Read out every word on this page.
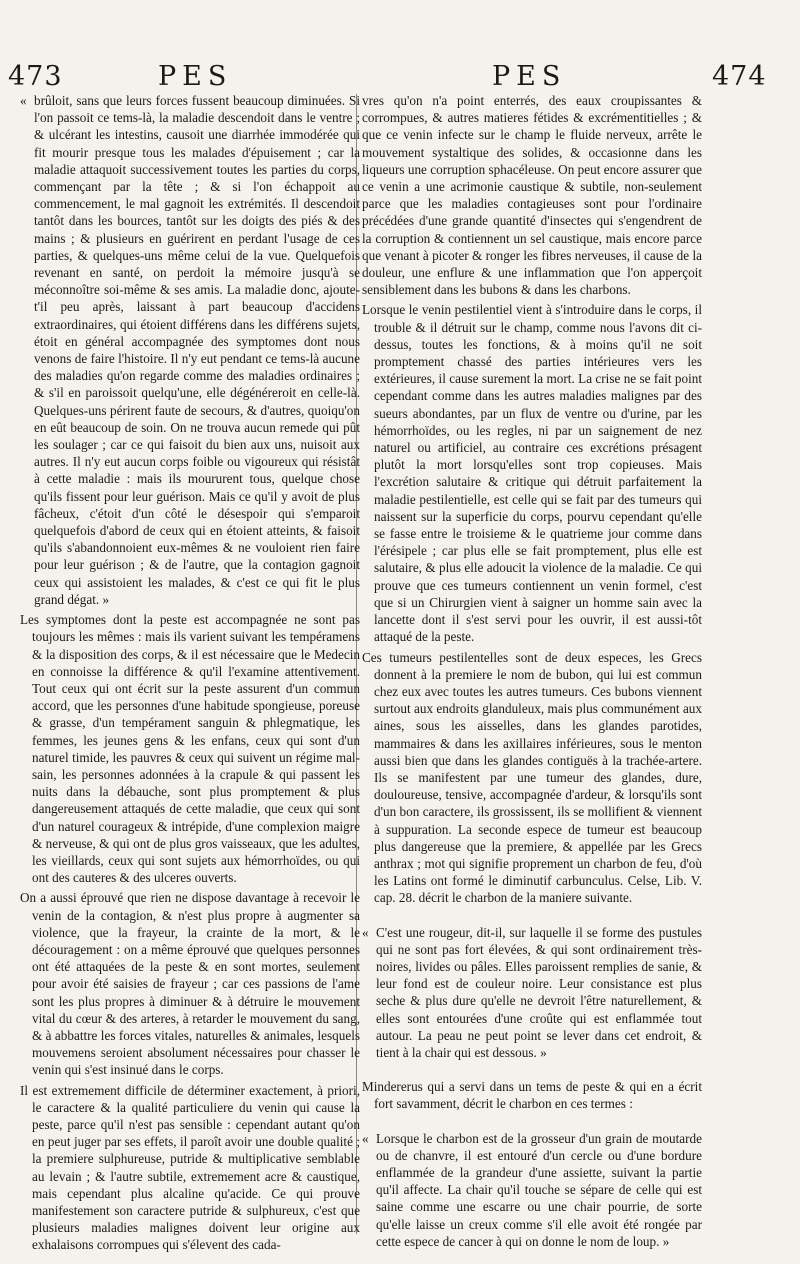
473	PES	PES	474

« brûloit, sans que leurs forces fussent beaucoup diminuées. Si l'on passoit ce tems-là, la maladie descendoit dans le ventre ; & ulcérant les intestins, causoit une diarrhée immodérée qui fit mourir presque tous les malades d'épuisement ; car la maladie attaquoit successivement toutes les parties du corps, commençant par la tête ; & si l'on échappoit au commencement, le mal gagnoit les extrémités. Il descendoit tantôt dans les bources, tantôt sur les doigts des piés & des mains ; & plusieurs en guérirent en perdant l'usage de ces parties, & quelques-uns même celui de la vue. Quelquefois revenant en santé, on perdoit la mémoire jusqu'à se méconnoître soi-même & ses amis. La maladie donc, ajoute-t'il peu après, laissant à part beaucoup d'accidens extraordinaires, qui étoient différens dans les différens sujets, étoit en général accompagnée des symptomes dont nous venons de faire l'histoire. Il n'y eut pendant ce tems-là aucune des maladies qu'on regarde comme des maladies ordinaires ; & s'il en paroissoit quelqu'une, elle dégénéreroit en celle-là. Quelques-uns périrent faute de secours, & d'autres, quoiqu'on en eût beaucoup de soin. On ne trouva aucun remede qui pût les soulager ; car ce qui faisoit du bien aux uns, nuisoit aux autres. Il n'y eut aucun corps foible ou vigoureux qui résistât à cette maladie : mais ils moururent tous, quelque chose qu'ils fissent pour leur guérison. Mais ce qu'il y avoit de plus fâcheux, c'étoit d'un côté le désespoir qui s'emparoit quelquefois d'abord de ceux qui en étoient atteints, & faisoit qu'ils s'abandonnoient eux-mêmes & ne vouloient rien faire pour leur guérison ; & de l'autre, que la contagion gagnoit ceux qui assistoient les malades, & c'est ce qui fit le plus grand dégat. »

Les symptomes dont la peste est accompagnée ne sont pas toujours les mêmes : mais ils varient suivant les tempéramens & la disposition des corps, & il est nécessaire que le Medecin en connoisse la différence & qu'il l'examine attentivement. Tout ceux qui ont écrit sur la peste assurent d'un commun accord, que les personnes d'une habitude spongieuse, poreuse & grasse, d'un tempérament sanguin & phlegmatique, les femmes, les jeunes gens & les enfans, ceux qui sont d'un naturel timide, les pauvres & ceux qui suivent un régime mal-sain, les personnes adonnées à la crapule & qui passent les nuits dans la débauche, sont plus promptement & plus dangereusement attaqués de cette maladie, que ceux qui sont d'un naturel courageux & intrépide, d'une complexion maigre & nerveuse, & qui ont de plus gros vaisseaux, que les adultes, les vieillards, ceux qui sont sujets aux hémorrhoïdes, ou qui ont des cauteres & des ulceres ouverts.

On a aussi éprouvé que rien ne dispose davantage à recevoir le venin de la contagion, & n'est plus propre à augmenter sa violence, que la frayeur, la crainte de la mort, & le découragement : on a même éprouvé que quelques personnes ont été attaquées de la peste & en sont mortes, seulement pour avoir été saisies de frayeur ; car ces passions de l'ame sont les plus propres à diminuer & à détruire le mouvement vital du cœur & des arteres, à retarder le mouvement du sang, & à abbattre les forces vitales, naturelles & animales, lesquels mouvemens seroient absolument nécessaires pour chasser le venin qui s'est insinué dans le corps.

Il est extremement difficile de déterminer exactement, à priori, le caractere & la qualité particuliere du venin qui cause la peste, parce qu'il n'est pas sensible : cependant autant qu'on en peut juger par ses effets, il paroît avoir une double qualité ; la premiere sulphureuse, putride & multiplicative semblable au levain ; & l'autre subtile, extremement acre & caustique, mais cependant plus alcaline qu'acide. Ce qui prouve manifestement son caractere putride & sulphureux, c'est que plusieurs maladies malignes doivent leur origine aux exhalaisons corrompues qui s'élevent des cada-

vres qu'on n'a point enterrés, des eaux croupissantes & corrompues, & autres matieres fétides & excrémentitielles ; & que ce venin infecte sur le champ le fluide nerveux, arrête le mouvement systaltique des solides, & occasionne dans les liqueurs une corruption sphacéleuse. On peut encore assurer que ce venin a une acrimonie caustique & subtile, non-seulement parce que les maladies contagieuses sont pour l'ordinaire précédées d'une grande quantité d'insectes qui s'engendrent de la corruption & contiennent un sel caustique, mais encore parce que venant à picoter & ronger les fibres nerveuses, il cause de la douleur, une enflure & une inflammation que l'on apperçoit sensiblement dans les bubons & dans les charbons.

Lorsque le venin pestilentiel vient à s'introduire dans le corps, il trouble & il détruit sur le champ, comme nous l'avons dit ci-dessus, toutes les fonctions, & à moins qu'il ne soit promptement chassé des parties intérieures vers les extérieures, il cause surement la mort. La crise ne se fait point cependant comme dans les autres maladies malignes par des sueurs abondantes, par un flux de ventre ou d'urine, par les hémorrhoïdes, ou les regles, ni par un saignement de nez naturel ou artificiel, au contraire ces excrétions présagent plutôt la mort lorsqu'elles sont trop copieuses. Mais l'excrétion salutaire & critique qui détruit parfaitement la maladie pestilentielle, est celle qui se fait par des tumeurs qui naissent sur la superficie du corps, pourvu cependant qu'elle se fasse entre le troisieme & le quatrieme jour comme dans l'érésipele ; car plus elle se fait promptement, plus elle est salutaire, & plus elle adoucit la violence de la maladie. Ce qui prouve que ces tumeurs contiennent un venin formel, c'est que si un Chirurgien vient à saigner un homme sain avec la lancette dont il s'est servi pour les ouvrir, il est aussi-tôt attaqué de la peste.

Ces tumeurs pestilentelles sont de deux especes, les Grecs donnent à la premiere le nom de bubon, qui lui est commun chez eux avec toutes les autres tumeurs. Ces bubons viennent surtout aux endroits glanduleux, mais plus communément aux aines, sous les aisselles, dans les glandes parotides, mammaires & dans les axillaires inférieures, sous le menton aussi bien que dans les glandes contiguës à la trachée-artere. Ils se manifestent par une tumeur des glandes, dure, douloureuse, tensive, accompagnée d'ardeur, & lorsqu'ils sont d'un bon caractere, ils grossissent, ils se mollifient & viennent à suppuration. La seconde espece de tumeur est beaucoup plus dangereuse que la premiere, & appellée par les Grecs anthrax ; mot qui signifie proprement un charbon de feu, d'où les Latins ont formé le diminutif carbunculus. Celse, Lib. V. cap. 28. décrit le charbon de la maniere suivante.

« C'est une rougeur, dit-il, sur laquelle il se forme des pustules qui ne sont pas fort élevées, & qui sont ordinairement très-noires, livides ou pâles. Elles paroissent remplies de sanie, & leur fond est de couleur noire. Leur consistance est plus seche & plus dure qu'elle ne devroit l'être naturellement, & elles sont entourées d'une croûte qui est enflammée tout autour. La peau ne peut point se lever dans cet endroit, & tient à la chair qui est dessous. »

Mindererus qui a servi dans un tems de peste & qui en a écrit fort savamment, décrit le charbon en ces termes :

« Lorsque le charbon est de la grosseur d'un grain de moutarde ou de chanvre, il est entouré d'un cercle ou d'une bordure enflammée de la grandeur d'une assiette, suivant la partie qu'il affecte. La chair qu'il touche se sépare de celle qui est saine comme une escarre ou une chair pourrie, de sorte qu'elle laisse un creux comme s'il elle avoit été rongée par cette espece de cancer à qui on donne le nom de loup. »
